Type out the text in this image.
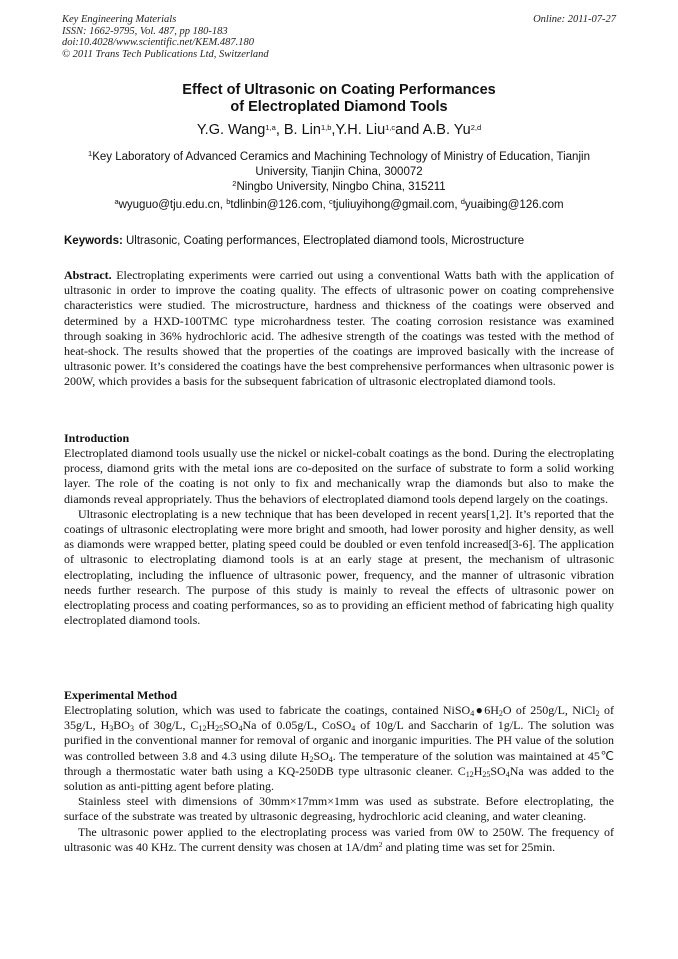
Key Engineering Materials
ISSN: 1662-9795, Vol. 487, pp 180-183
doi:10.4028/www.scientific.net/KEM.487.180
© 2011 Trans Tech Publications Ltd, Switzerland
Online: 2011-07-27
Effect of Ultrasonic on Coating Performances
of Electroplated Diamond Tools
Y.G. Wang$^{1,a}$, B. Lin$^{1,b}$,Y.H. Liu$^{1,c}$and A.B. Yu$^{2,d}$
$^1$Key Laboratory of Advanced Ceramics and Machining Technology of Ministry of Education, Tianjin
University, Tianjin China, 300072
$^2$Ningbo University, Ningbo China, 315211
$^a$wyuguo@tju.edu.cn, $^b$tdlinbin@126.com, $^c$tjuliuyihong@gmail.com, $^d$yuaibing@126.com
Keywords: Ultrasonic, Coating performances, Electroplated diamond tools, Microstructure

Abstract. Electroplating experiments were carried out using a conventional Watts bath with the application of ultrasonic in order to improve the coating quality. The effects of ultrasonic power on coating comprehensive characteristics were studied. The microstructure, hardness and thickness of the coatings were observed and determined by a HXD-100TMC type microhardness tester. The coating corrosion resistance was examined through soaking in 36% hydrochloric acid. The adhesive strength of the coatings was tested with the method of heat-shock. The results showed that the properties of the coatings are improved basically with the increase of ultrasonic power. It’s considered the coatings have the best comprehensive performances when ultrasonic power is 200W, which provides a basis for the subsequent fabrication of ultrasonic electroplated diamond tools.

Introduction

Electroplated diamond tools usually use the nickel or nickel-cobalt coatings as the bond. During the electroplating process, diamond grits with the metal ions are co-deposited on the surface of substrate to form a solid working layer. The role of the coating is not only to fix and mechanically wrap the diamonds but also to make the diamonds reveal appropriately. Thus the behaviors of electroplated diamond tools depend largely on the coatings.

Ultrasonic electroplating is a new technique that has been developed in recent years[1,2]. It’s reported that the coatings of ultrasonic electroplating were more bright and smooth, had lower porosity and higher density, as well as diamonds were wrapped better, plating speed could be doubled or even tenfold increased[3-6]. The application of ultrasonic to electroplating diamond tools is at an early stage at present, the mechanism of ultrasonic electroplating, including the influence of ultrasonic power, frequency, and the manner of ultrasonic vibration needs further research. The purpose of this study is mainly to reveal the effects of ultrasonic power on electroplating process and coating performances, so as to providing an efficient method of fabricating high quality electroplated diamond tools.

Experimental Method

Electroplating solution, which was used to fabricate the coatings, contained $NiSO_4●6H_2O$ of 250g/L, NiCl$_2$ of 35g/L, $H_3BO_3$ of 30g/L, $C_{12}H_{25}SO_4Na$ of 0.05g/L, CoSO$_4$ of 10g/L and Saccharin of 1g/L. The solution was purified in the conventional manner for removal of organic and inorganic impurities. The PH value of the solution was controlled between 3.8 and 4.3 using dilute $H_2SO_4$. The temperature of the solution was maintained at 45℃ through a thermostatic water bath using a KQ-250DB type ultrasonic cleaner. $C_{12}H_{25}SO_4Na$ was added to the solution as anti-pitting agent before plating.

Stainless steel with dimensions of 30mm×17mm×1mm was used as substrate. Before electroplating, the surface of the substrate was treated by ultrasonic degreasing, hydrochloric acid cleaning, and water cleaning.

The ultrasonic power applied to the electroplating process was varied from 0W to 250W. The frequency of ultrasonic was 40 KHz. The current density was chosen at $1A/dm^2$ and plating time was set for 25min.
